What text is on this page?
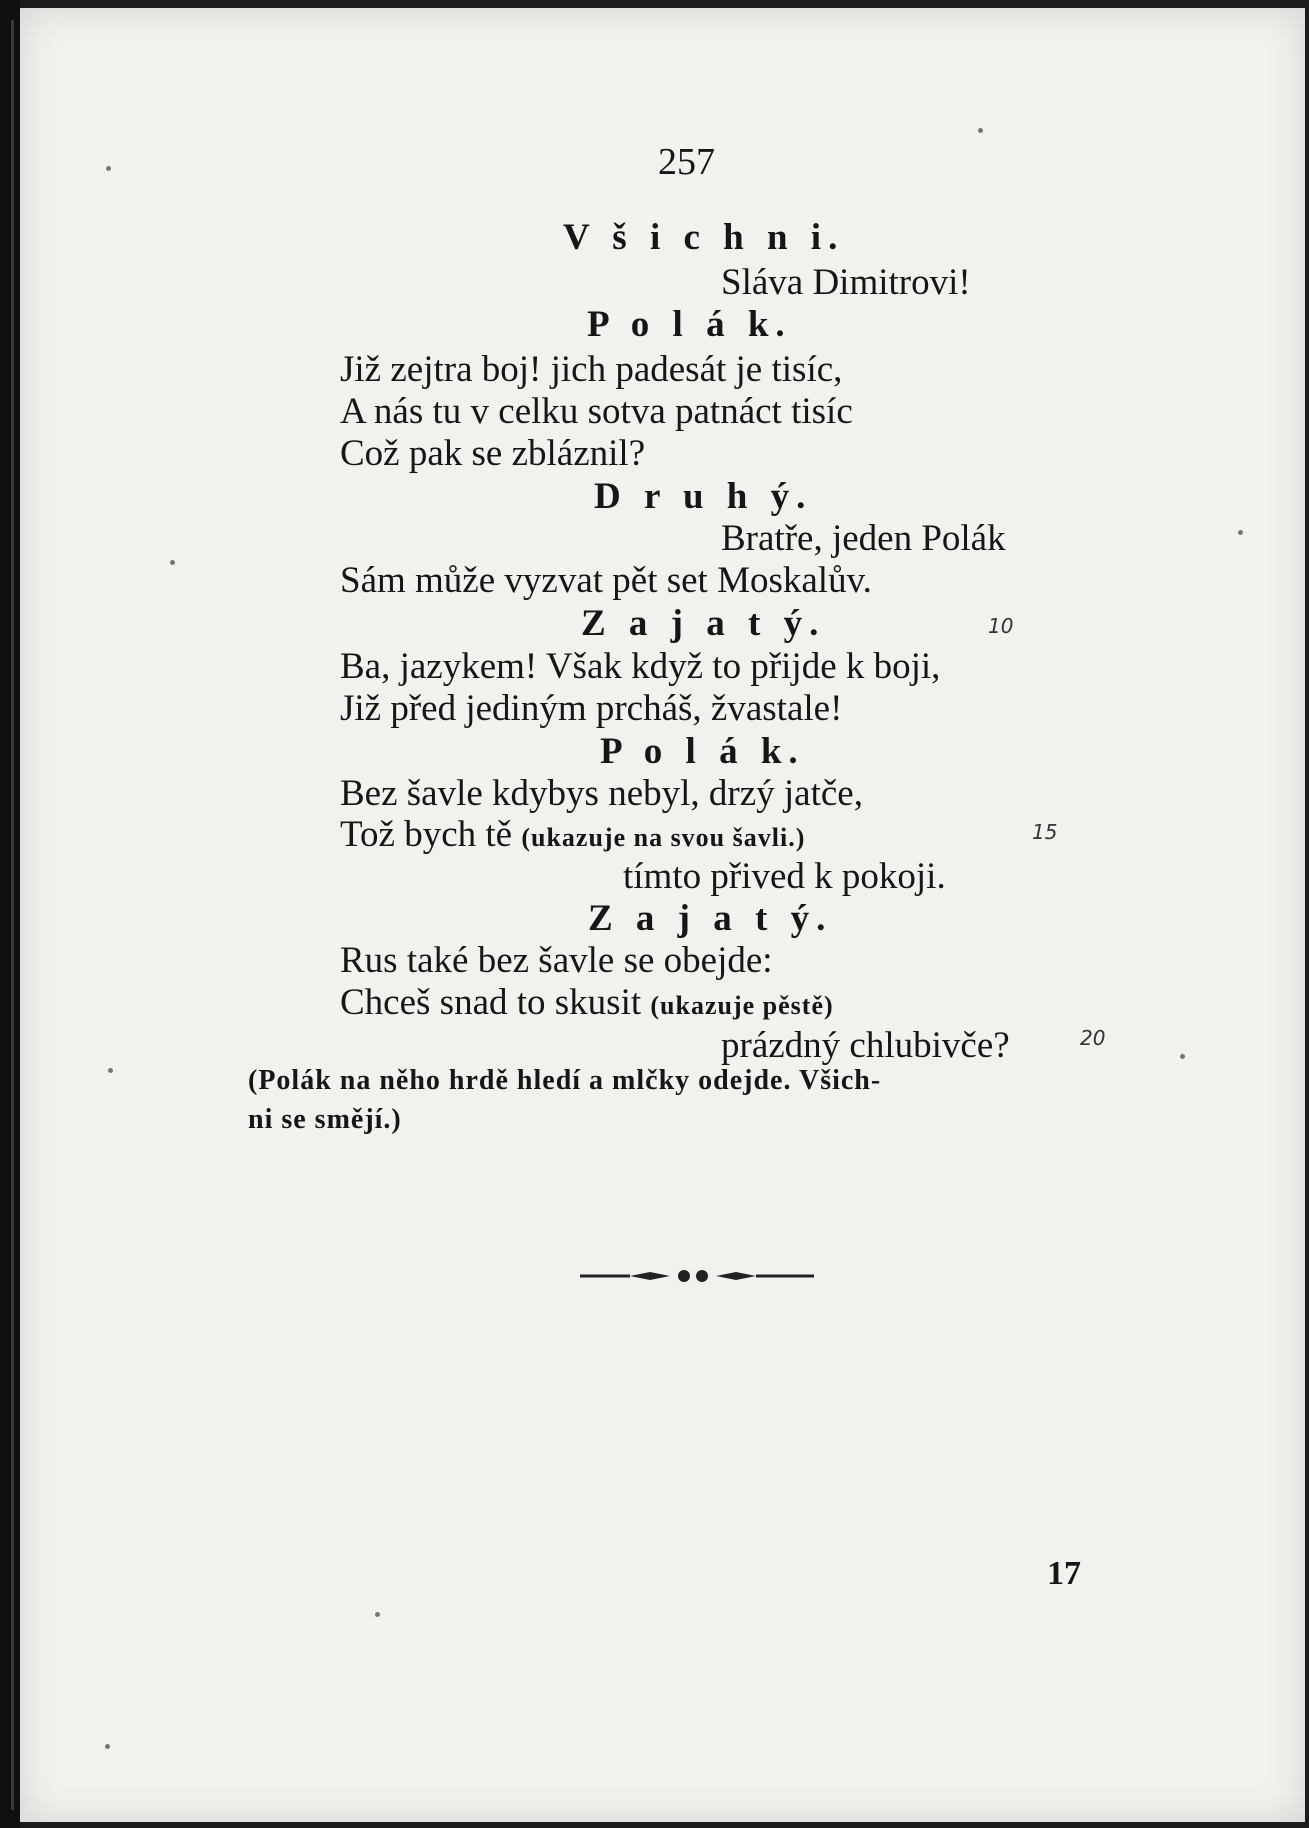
257
V š i c h n i.
Sláva Dimitrovi!
P o l á k.
Již zejtra boj! jich padesát je tisíc,
A nás tu v celku sotva patnáct tisíc
Což pak se zbláznil?
D r u h ý.
Bratře, jeden Polák
Sám může vyzvat pět set Moskalův.
Z a j a t ý.
Ba, jazykem! Však když to přijde k boji,
Již před jediným prcháš, žvastale!
P o l á k.
Bez šavle kdybys nebyl, drzý jatče,
Tož bych tě (ukazuje na svou šavli.)
tímto přived k pokoji.
Z a j a t ý.
Rus také bez šavle se obejde:
Chceš snad to skusit (ukazuje pěstě)
prázdný chlubivče?
(Polák na něho hrdě hledí a mlčky odejde. Všich-
ni se smějí.)
17
10
15
20
